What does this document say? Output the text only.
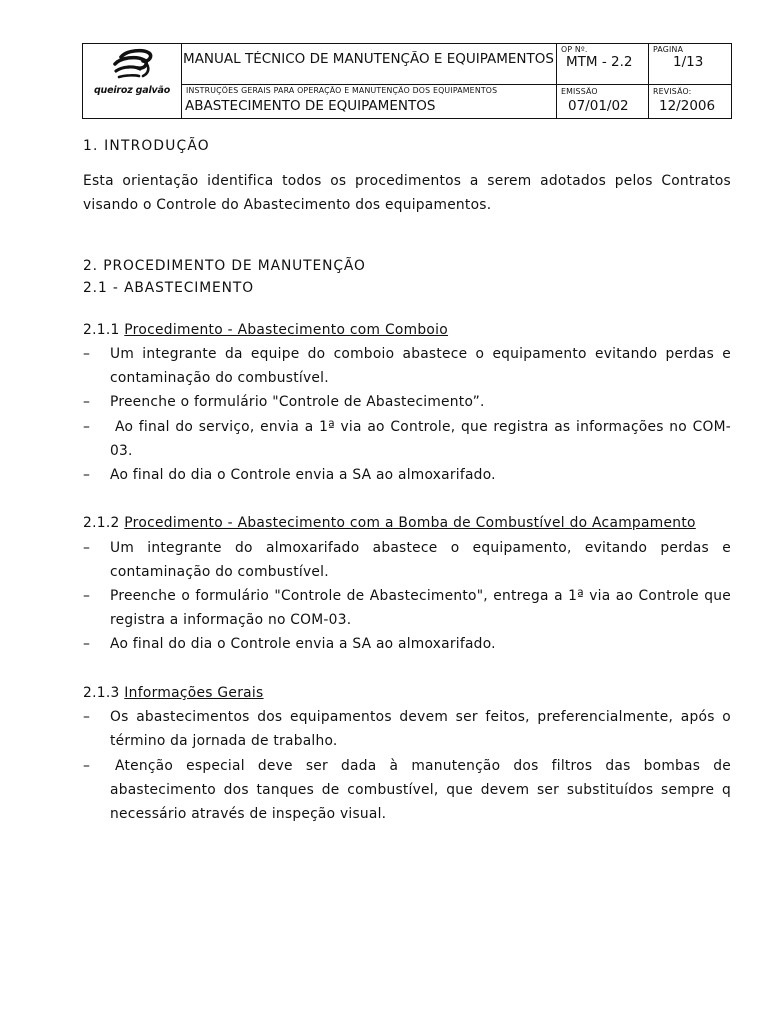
queiroz galvão
MANUAL TÉCNICO DE MANUTENÇÃO E EQUIPAMENTOS
OP Nº.
MTM - 2.2
PAGINA
1/13
INSTRUÇÕES GERAIS PARA OPERAÇÃO E MANUTENÇÃO DOS EQUIPAMENTOS
ABASTECIMENTO DE EQUIPAMENTOS
EMISSÃO
07/01/02
REVISÃO:
12/2006
1. INTRODUÇÃO
Esta orientação identifica todos os procedimentos a serem adotados pelos Contratos visando o Controle do Abastecimento dos equipamentos.
2. PROCEDIMENTO DE MANUTENÇÃO
2.1 - ABASTECIMENTO
2.1.1 Procedimento - Abastecimento com Comboio
– Um integrante da equipe do comboio abastece o equipamento evitando perdas e contaminação do combustível.
– Preenche o formulário "Controle de Abastecimento”.
–	Ao final do serviço, envia a 1ª via ao Controle, que registra as informações no COM-03.
– Ao final do dia o Controle envia a SA ao almoxarifado.
2.1.2 Procedimento - Abastecimento com a Bomba de Combustível do Acampamento
– Um integrante do almoxarifado abastece o equipamento, evitando perdas e contaminação do combustível.
– Preenche o formulário "Controle de Abastecimento", entrega a 1ª via ao Controle que registra a informação no COM-03.
– Ao final do dia o Controle envia a SA ao almoxarifado.
2.1.3 Informações Gerais
– Os abastecimentos dos equipamentos devem ser feitos, preferencialmente, após o término da jornada de trabalho.
–	Atenção especial deve ser dada à manutenção dos filtros das bombas de abastecimento dos tanques de combustível, que devem ser substituídos sempre q necessário através de inspeção visual.
